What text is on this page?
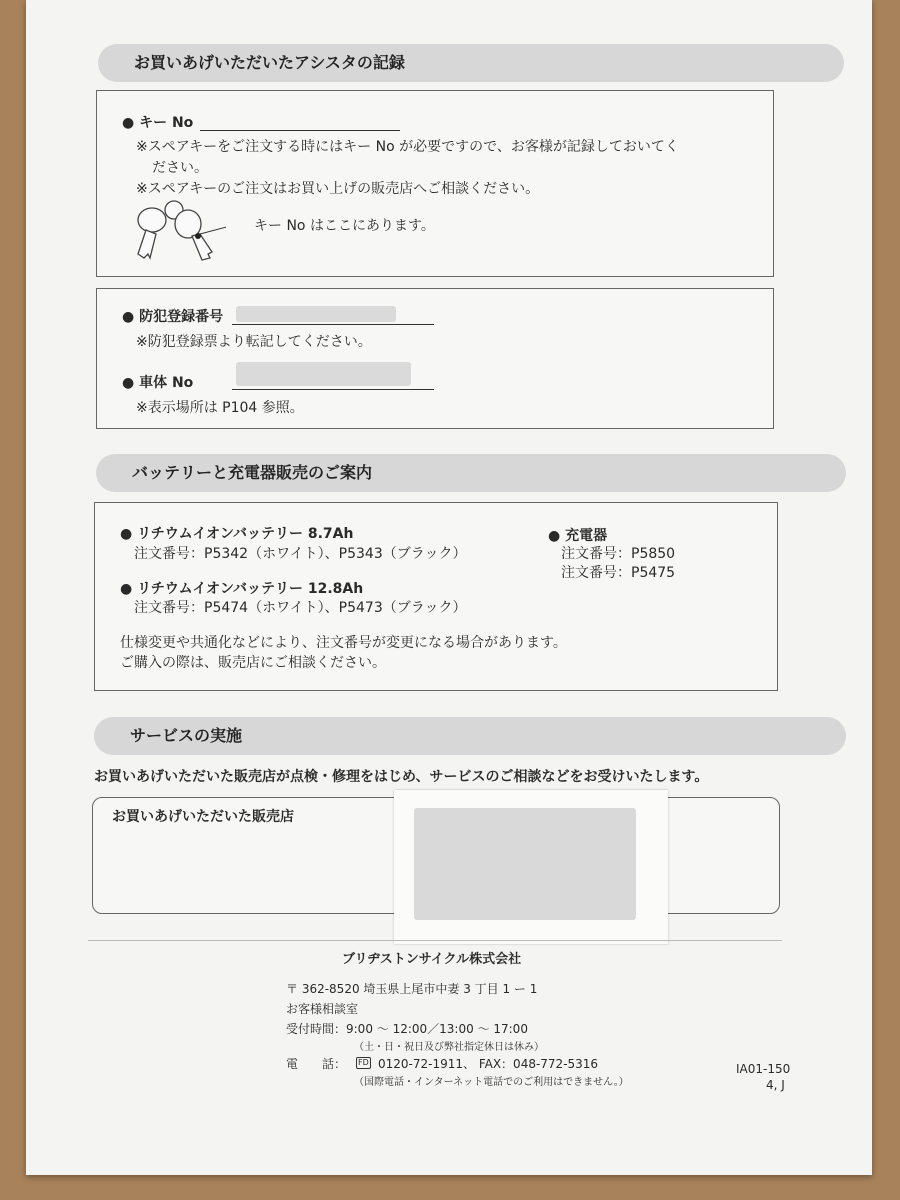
お買いあげいただいたアシスタの記録
● キー No
※スペアキーをご注文する時にはキー No が必要ですので、お客様が記録しておいてく
ださい。
※スペアキーのご注文はお買い上げの販売店へご相談ください。
キー No はここにあります。
● 防犯登録番号
※防犯登録票より転記してください。
● 車体 No
※表示場所は P104 参照。
バッテリーと充電器販売のご案内
● リチウムイオンバッテリー 8.7Ah
注文番号：P5342（ホワイト）、P5343（ブラック）
● リチウムイオンバッテリー 12.8Ah
注文番号：P5474（ホワイト）、P5473（ブラック）
● 充電器
注文番号：P5850
注文番号：P5475
仕様変更や共通化などにより、注文番号が変更になる場合があります。
ご購入の際は、販売店にご相談ください。
サービスの実施
お買いあげいただいた販売店が点検・修理をはじめ、サービスのご相談などをお受けいたします。
お買いあげいただいた販売店
ブリヂストンサイクル株式会社
〒 362-8520 埼玉県上尾市中妻 3 丁目 1 ー 1
お客様相談室
受付時間：9:00 〜 12:00／13:00 〜 17:00
（土・日・祝日及び弊社指定休日は休み）
電　　話： FD 0120-72-1911、 FAX：048-772-5316
（国際電話・インターネット電話でのご利用はできません。）
IA01-150
4, J
